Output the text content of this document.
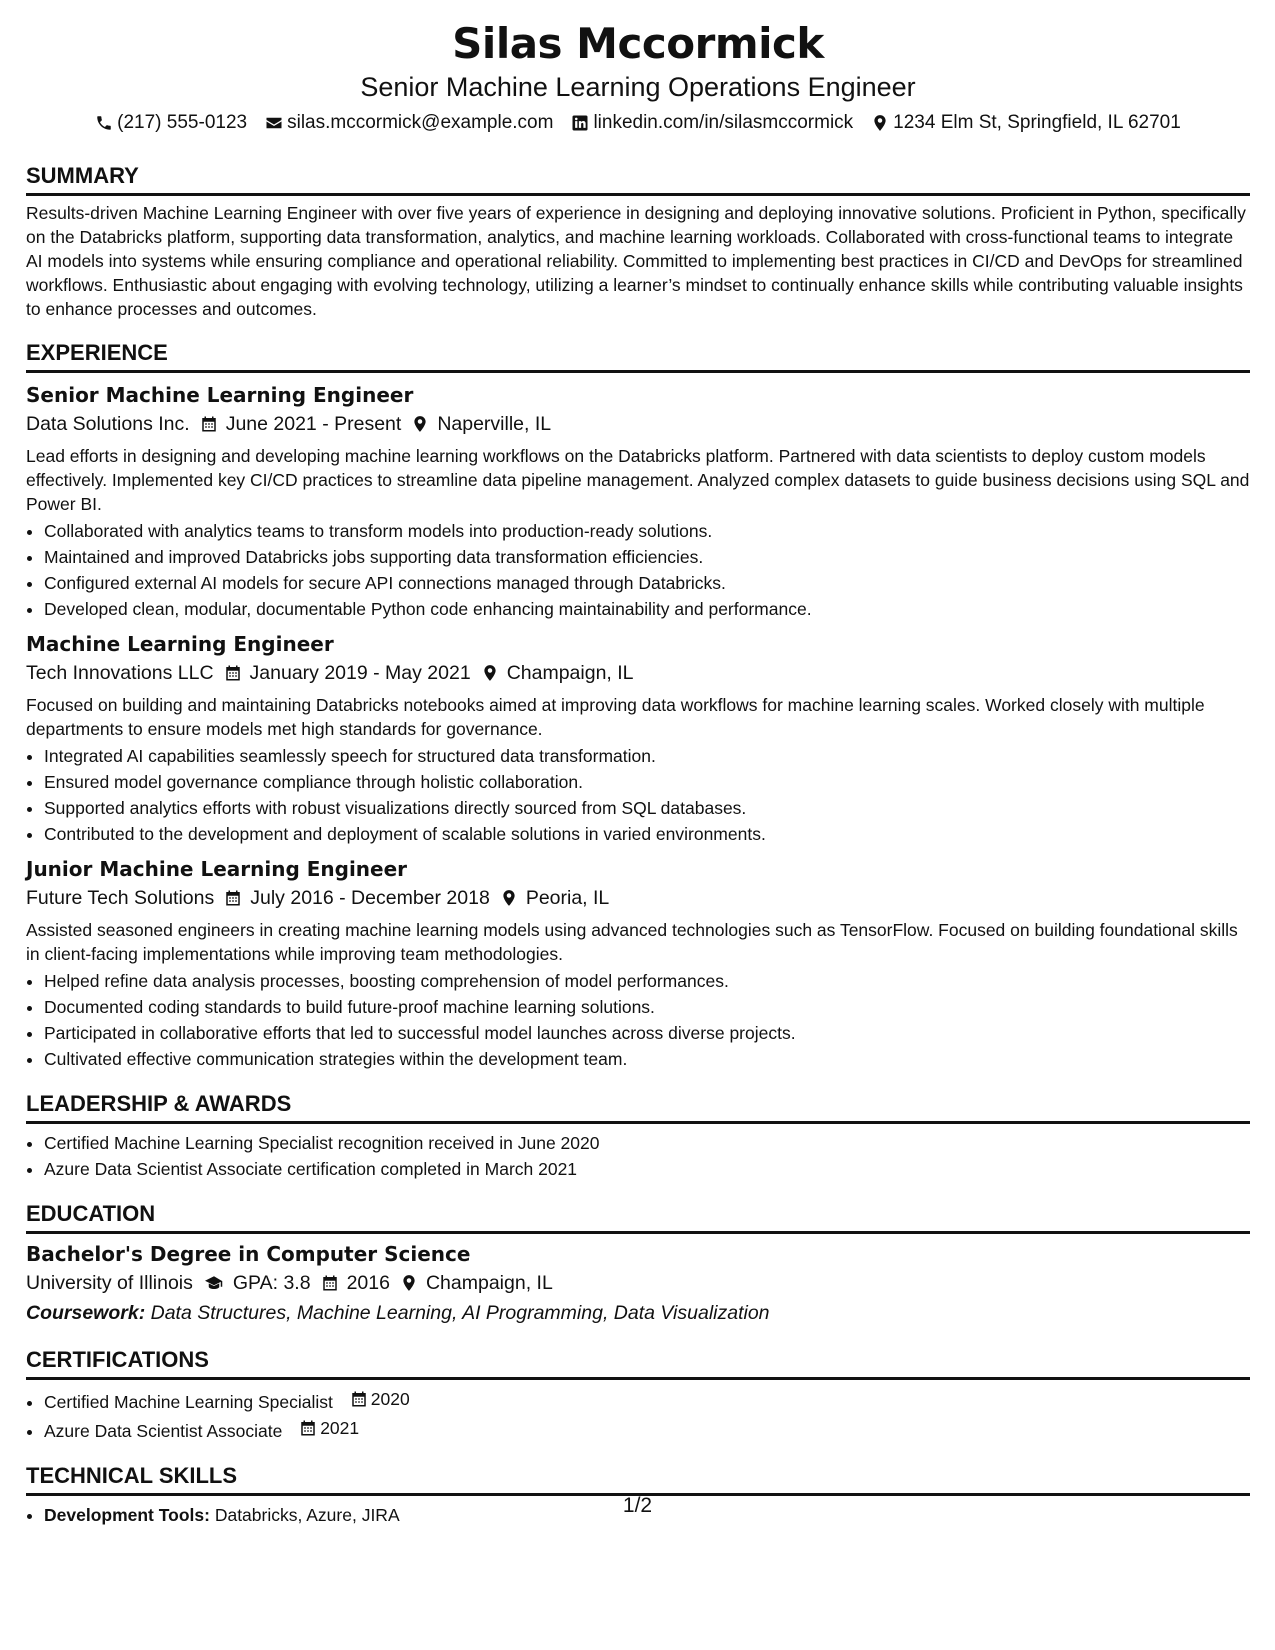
Silas Mccormick
Senior Machine Learning Operations Engineer
(217) 555-0123 silas.mccormick@example.com linkedin.com/in/silasmccormick 1234 Elm St, Springfield, IL 62701
SUMMARY

Results-driven Machine Learning Engineer with over five years of experience in designing and deploying innovative solutions. Proficient in Python, specifically on the Databricks platform, supporting data transformation, analytics, and machine learning workloads. Collaborated with cross-functional teams to integrate AI models into systems while ensuring compliance and operational reliability. Committed to implementing best practices in CI/CD and DevOps for streamlined workflows. Enthusiastic about engaging with evolving technology, utilizing a learner’s mindset to continually enhance skills while contributing valuable insights to enhance processes and outcomes.

EXPERIENCE
Senior Machine Learning Engineer
Data Solutions Inc. June 2021 - Present Naperville, IL

Lead efforts in designing and developing machine learning workflows on the Databricks platform. Partnered with data scientists to deploy custom models effectively. Implemented key CI/CD practices to streamline data pipeline management. Analyzed complex datasets to guide business decisions using SQL and Power BI.

• Collaborated with analytics teams to transform models into production-ready solutions.
• Maintained and improved Databricks jobs supporting data transformation efficiencies.
• Configured external AI models for secure API connections managed through Databricks.
• Developed clean, modular, documentable Python code enhancing maintainability and performance.
Machine Learning Engineer
Tech Innovations LLC January 2019 - May 2021 Champaign, IL

Focused on building and maintaining Databricks notebooks aimed at improving data workflows for machine learning scales. Worked closely with multiple departments to ensure models met high standards for governance.

• Integrated AI capabilities seamlessly speech for structured data transformation.
• Ensured model governance compliance through holistic collaboration.
• Supported analytics efforts with robust visualizations directly sourced from SQL databases.
• Contributed to the development and deployment of scalable solutions in varied environments.
Junior Machine Learning Engineer
Future Tech Solutions July 2016 - December 2018 Peoria, IL

Assisted seasoned engineers in creating machine learning models using advanced technologies such as TensorFlow. Focused on building foundational skills in client-facing implementations while improving team methodologies.

• Helped refine data analysis processes, boosting comprehension of model performances.
• Documented coding standards to build future-proof machine learning solutions.
• Participated in collaborative efforts that led to successful model launches across diverse projects.
• Cultivated effective communication strategies within the development team.
LEADERSHIP & AWARDS
• Certified Machine Learning Specialist recognition received in June 2020
• Azure Data Scientist Associate certification completed in March 2021
EDUCATION
Bachelor's Degree in Computer Science
University of Illinois GPA: 3.8 2016 Champaign, IL
Coursework: Data Structures, Machine Learning, AI Programming, Data Visualization
CERTIFICATIONS
• Certified Machine Learning Specialist 2020
• Azure Data Scientist Associate 2021
TECHNICAL SKILLS
• Development Tools: Databricks, Azure, JIRA	1/2
